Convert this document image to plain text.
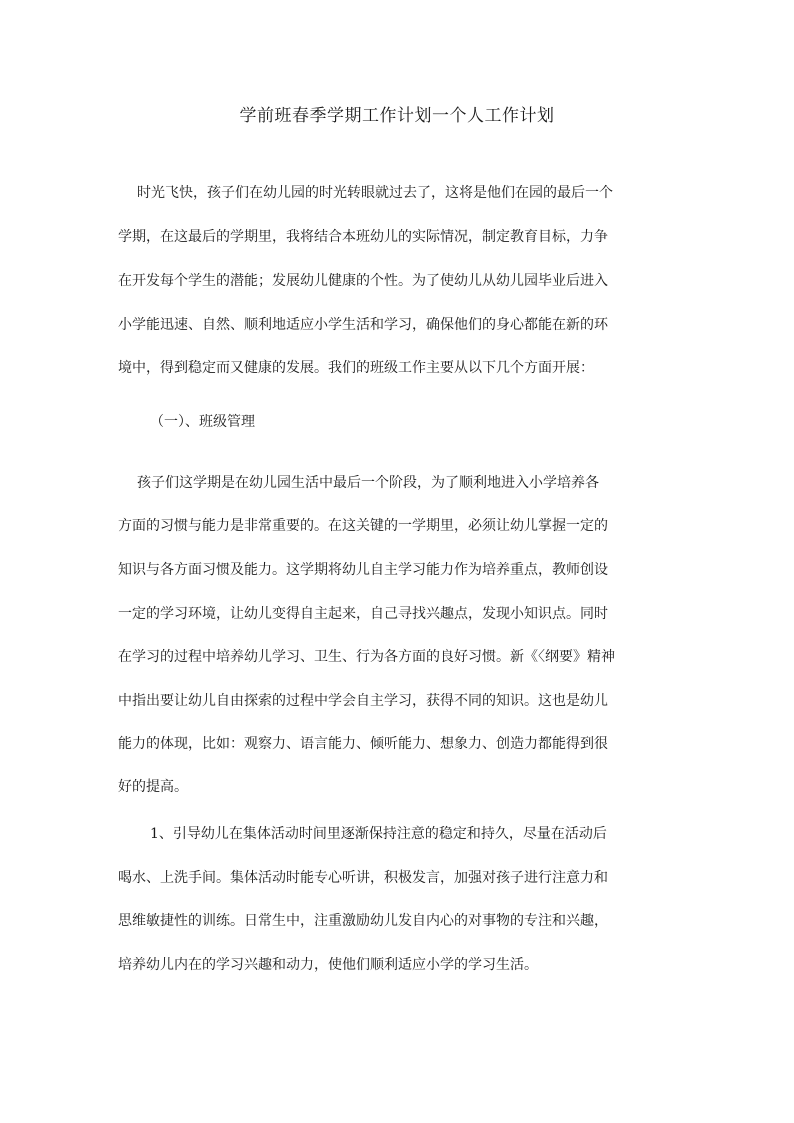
学前班春季学期工作计划一个人工作计划
时光飞快，孩子们在幼儿园的时光转眼就过去了，这将是他们在园的最后一个
学期，在这最后的学期里，我将结合本班幼儿的实际情况，制定教育目标，力争
在开发每个学生的潜能；发展幼儿健康的个性。为了使幼儿从幼儿园毕业后进入
小学能迅速、自然、顺利地适应小学生活和学习，确保他们的身心都能在新的环
境中，得到稳定而又健康的发展。我们的班级工作主要从以下几个方面开展：
（一）、班级管理
孩子们这学期是在幼儿园生活中最后一个阶段，为了顺利地进入小学培养各
方面的习惯与能力是非常重要的。在这关键的一学期里，必须让幼儿掌握一定的
知识与各方面习惯及能力。这学期将幼儿自主学习能力作为培养重点，教师创设
一定的学习环境，让幼儿变得自主起来，自己寻找兴趣点，发现小知识点。同时
在学习的过程中培养幼儿学习、卫生、行为各方面的良好习惯。新《〈纲要》精神
中指出要让幼儿自由探索的过程中学会自主学习，获得不同的知识。这也是幼儿
能力的体现，比如：观察力、语言能力、倾听能力、想象力、创造力都能得到很
好的提高。
1、引导幼儿在集体活动时间里逐渐保持注意的稳定和持久，尽量在活动后
喝水、上洗手间。集体活动时能专心听讲，积极发言，加强对孩子进行注意力和
思维敏捷性的训练。日常生中，注重激励幼儿发自内心的对事物的专注和兴趣，
培养幼儿内在的学习兴趣和动力，使他们顺利适应小学的学习生活。
